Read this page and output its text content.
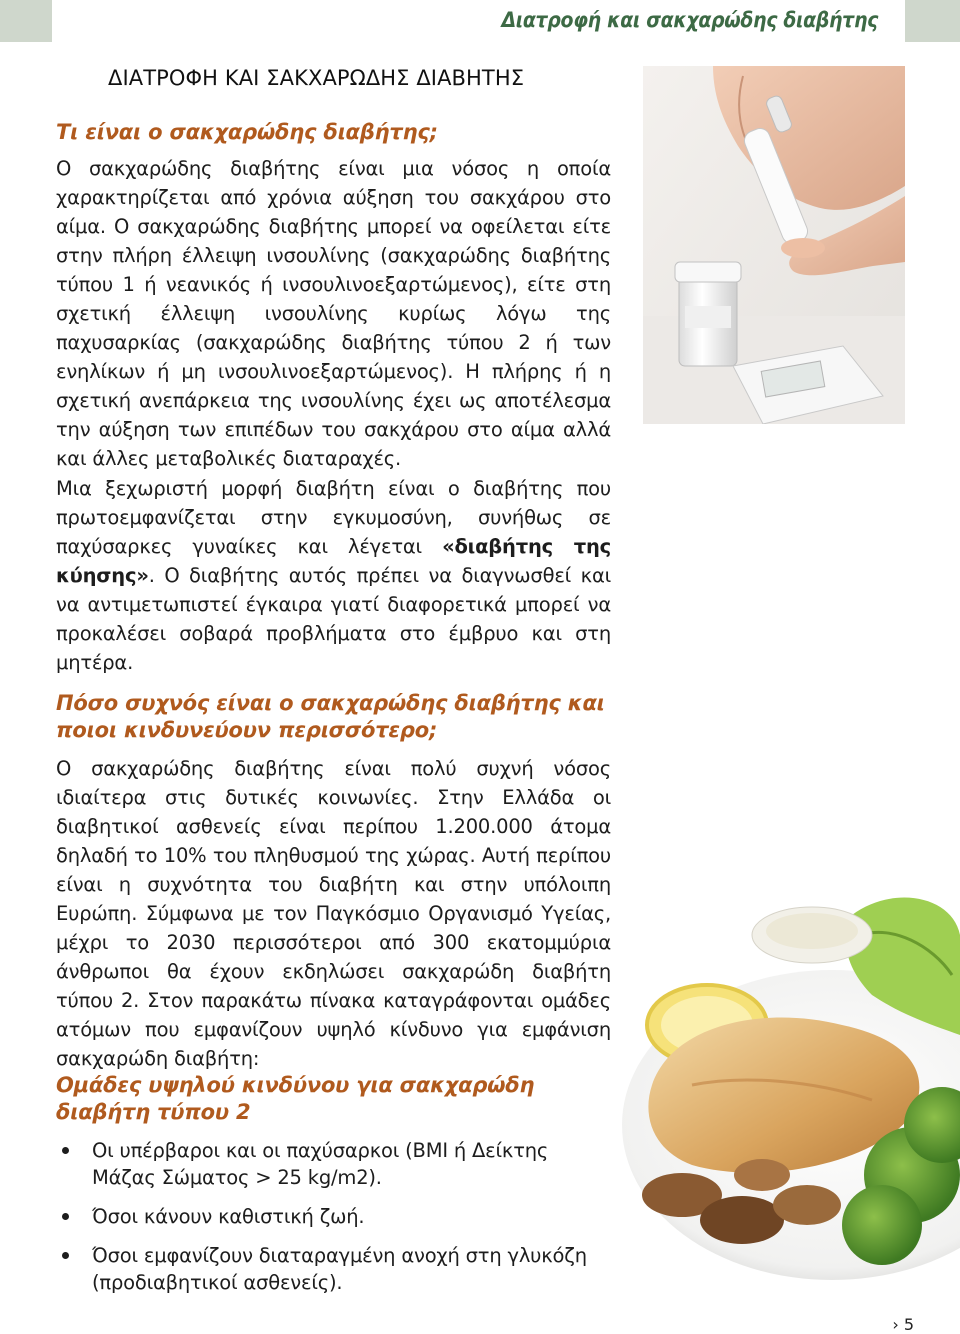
Διατροφή και σακχαρώδης διαβήτης
ΔΙΑΤΡΟΦΗ ΚΑΙ ΣΑΚΧΑΡΩΔΗΣ ΔΙΑΒΗΤΗΣ
Τι είναι ο σακχαρώδης διαβήτης;

Ο σακχαρώδης διαβήτης είναι μια νόσος η οποία χαρακτηρίζεται από χρόνια αύξηση του σακχάρου στο αίμα. Ο σακχαρώδης διαβήτης μπορεί να οφείλεται είτε στην πλήρη έλλειψη ινσουλίνης (σακχαρώδης διαβήτης τύπου 1 ή νεανικός ή ινσουλινοεξαρτώμενος), είτε στη σχετική έλλειψη ινσουλίνης κυρίως λόγω της παχυσαρκίας (σακχαρώδης διαβήτης τύπου 2 ή των ενηλίκων ή μη ινσουλινοεξαρτώμενος). Η πλήρης ή η σχετική ανεπάρκεια της ινσουλίνης έχει ως αποτέλεσμα την αύξηση των επιπέδων του σακχάρου στο αίμα αλλά και άλλες μεταβολικές διαταραχές.

Μια ξεχωριστή μορφή διαβήτη είναι ο διαβήτης που πρωτοεμφανίζεται στην εγκυμοσύνη, συνήθως σε παχύσαρκες γυναίκες και λέγεται «διαβήτης της κύησης». Ο διαβήτης αυτός πρέπει να διαγνωσθεί και να αντιμετωπιστεί έγκαιρα γιατί διαφορετικά μπορεί να προκαλέσει σοβαρά προβλήματα στο έμβρυο και στη μητέρα.

Πόσο συχνός είναι ο σακχαρώδης διαβήτης και ποιοι κινδυνεύουν περισσότερο;

Ο σακχαρώδης διαβήτης είναι πολύ συχνή νόσος ιδιαίτερα στις δυτικές κοινωνίες. Στην Ελλάδα οι διαβητικοί ασθενείς είναι περίπου 1.200.000 άτομα δηλαδή το 10% του πληθυσμού της χώρας. Αυτή περίπου είναι η συχνότητα του διαβήτη και στην υπόλοιπη Ευρώπη. Σύμφωνα με τον Παγκόσμιο Οργανισμό Υγείας, μέχρι το 2030 περισσότεροι από 300 εκατομμύρια άνθρωποι θα έχουν εκδηλώσει σακχαρώδη διαβήτη τύπου 2. Στον παρακάτω πίνακα καταγράφονται ομάδες ατόμων που εμφανίζουν υψηλό κίνδυνο για εμφάνιση σακχαρώδη διαβήτη:

Ομάδες υψηλού κινδύνου για σακχαρώδη διαβήτη τύπου 2
Οι υπέρβαροι και οι παχύσαρκοι (BMI ή Δείκτης Μάζας Σώματος > 25 kg/m2).
Όσοι κάνουν καθιστική ζωή.
Όσοι εμφανίζουν διαταραγμένη ανοχή στη γλυκόζη (προδιαβητικοί ασθενείς).
› 5
